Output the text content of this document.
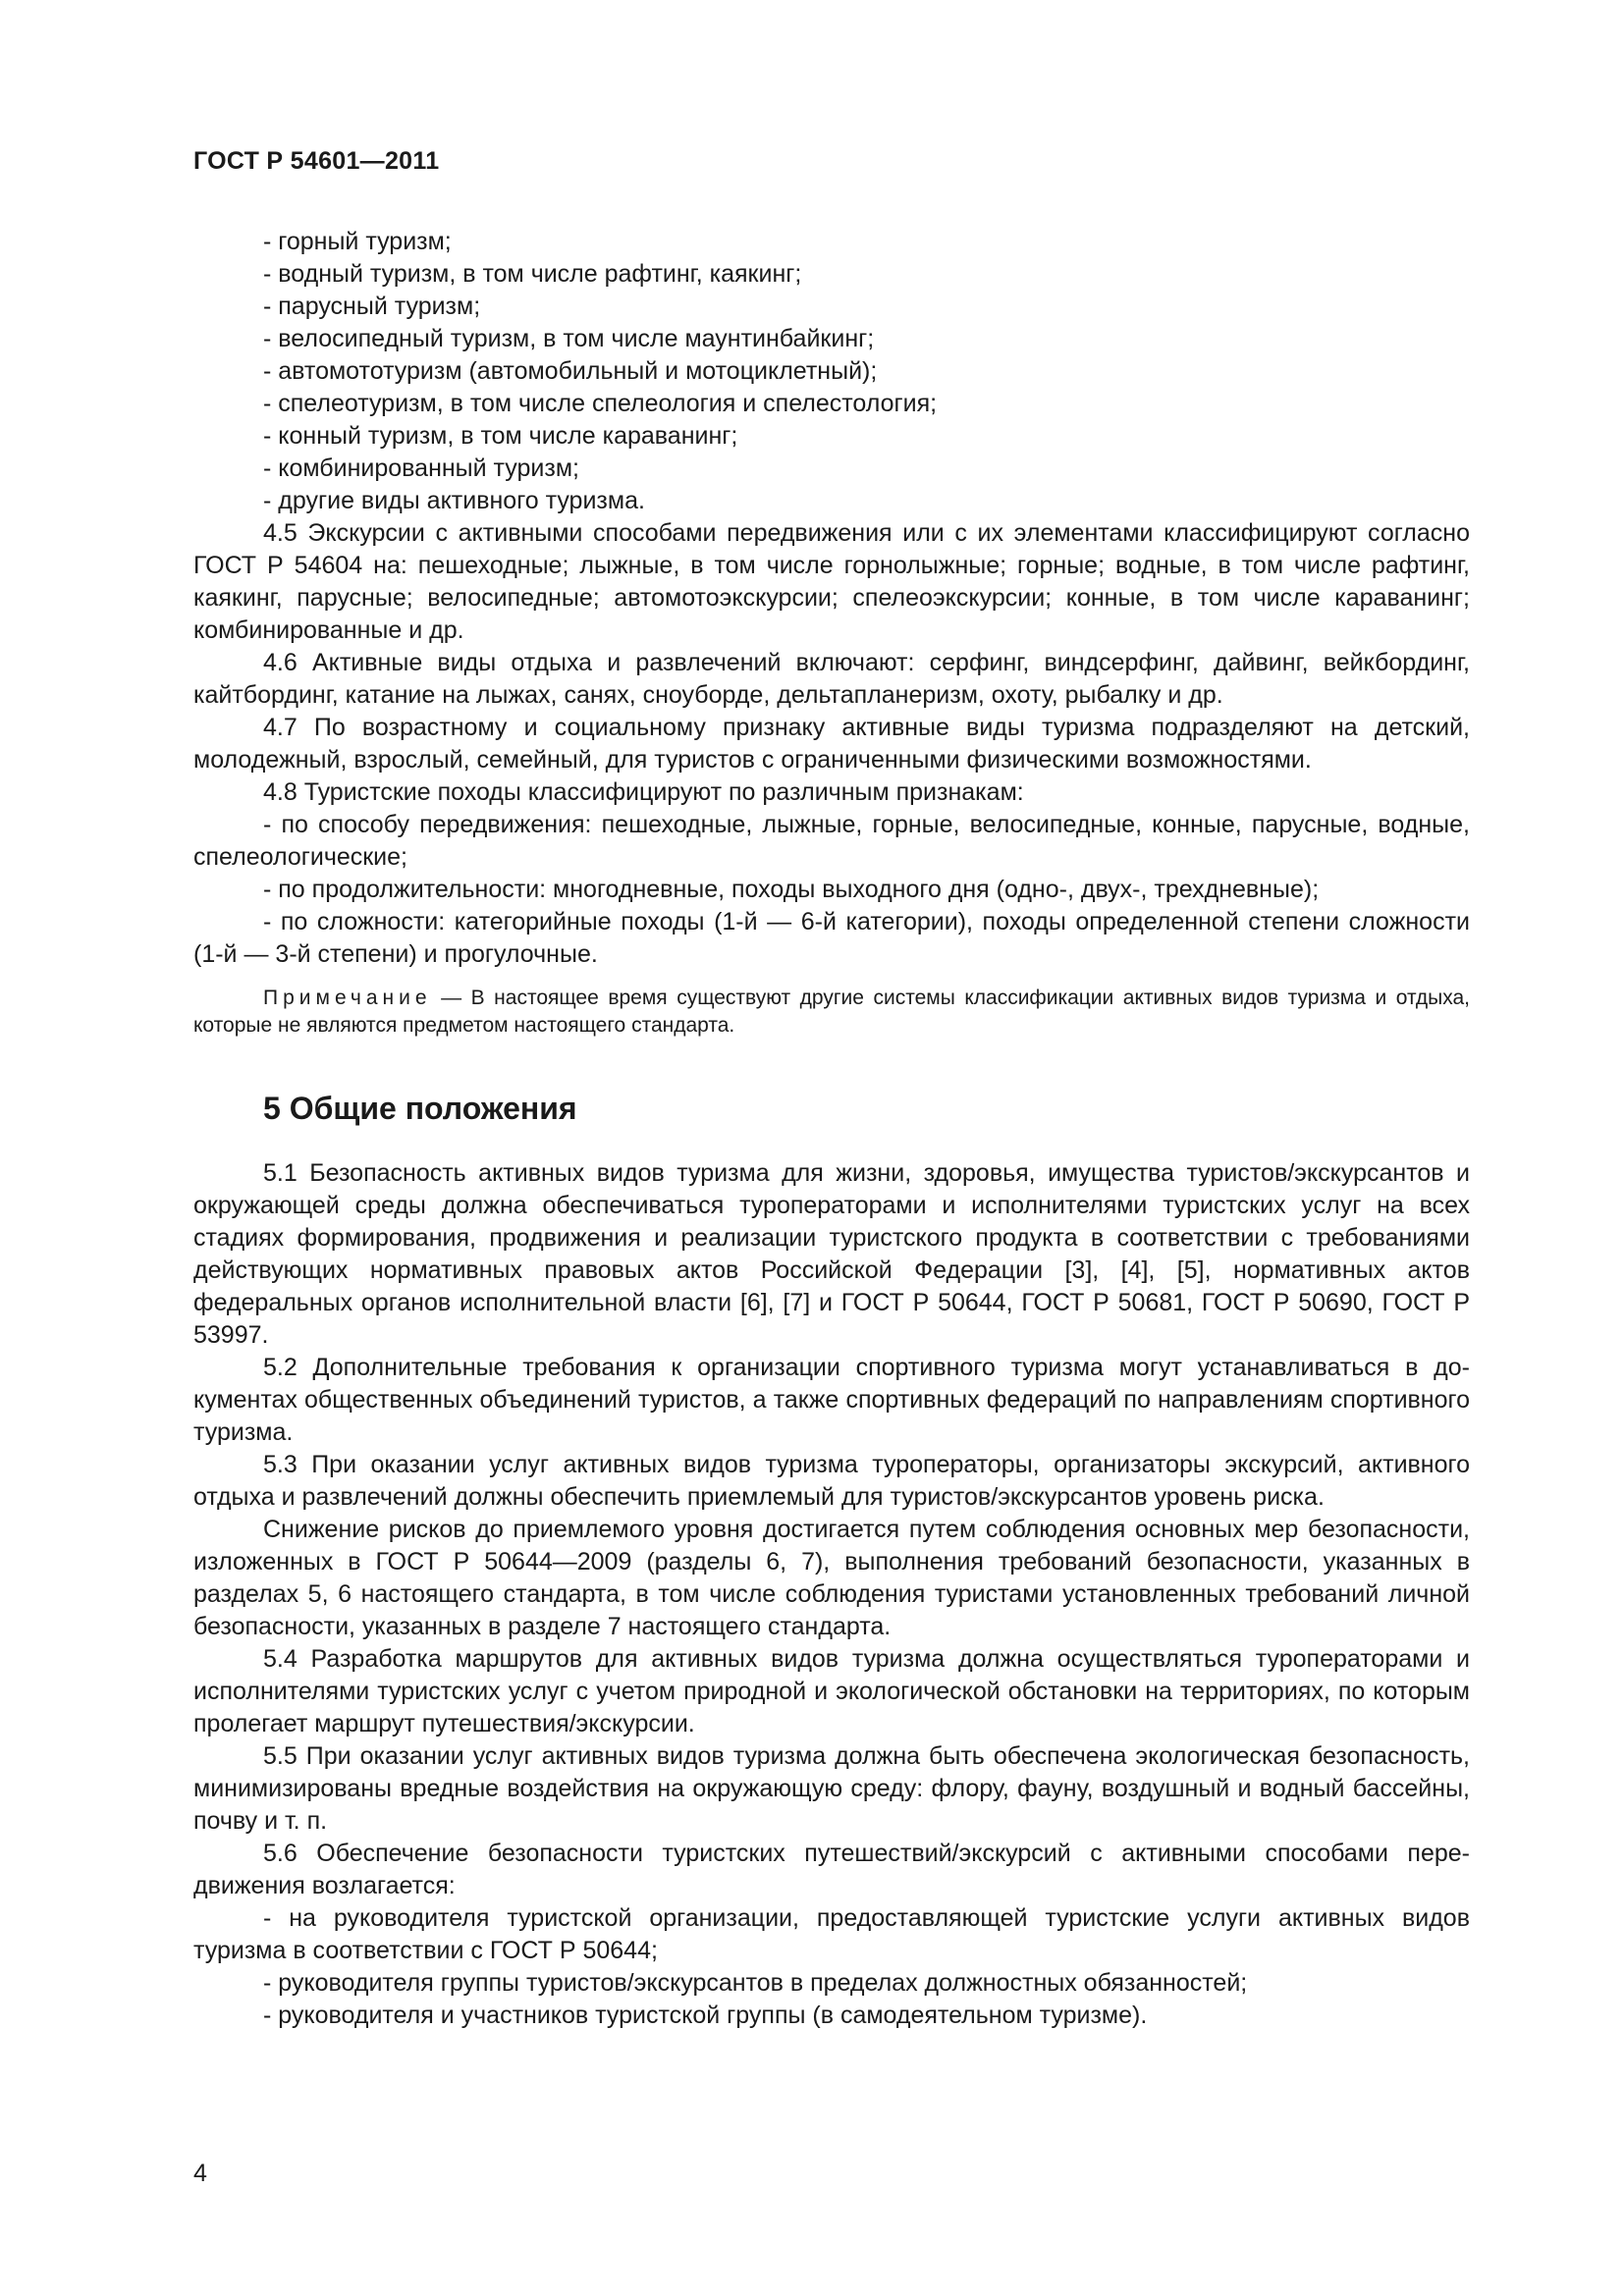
ГОСТ Р 54601—2011
- горный туризм;
- водный туризм, в том числе рафтинг, каякинг;
- парусный туризм;
- велосипедный туризм, в том числе маунтинбайкинг;
- автомототуризм (автомобильный и мотоциклетный);
- спелеотуризм, в том числе спелеология и спелестология;
- конный туризм, в том числе караванинг;
- комбинированный туризм;
- другие виды активного туризма.
4.5 Экскурсии с активными способами передвижения или с их элементами классифицируют согласно ГОСТ Р 54604 на: пешеходные; лыжные, в том числе горнолыжные; горные; водные, в том числе рафтинг, каякинг, парусные; велосипедные; автомотоэкскурсии; спелеоэкскурсии; конные, в том числе караванинг; комбинированные и др.
4.6 Активные виды отдыха и развлечений включают: серфинг, виндсерфинг, дайвинг, вейкбординг, кайтбординг, катание на лыжах, санях, сноуборде, дельтапланеризм, охоту, рыбалку и др.
4.7 По возрастному и социальному признаку активные виды туризма подразделяют на детский, молодежный, взрослый, семейный, для туристов с ограниченными физическими возможностями.
4.8 Туристские походы классифицируют по различным признакам:
- по способу передвижения: пешеходные, лыжные, горные, велосипедные, конные, парусные, водные, спелеологические;
- по продолжительности: многодневные, походы выходного дня (одно-, двух-, трехдневные);
- по сложности: категорийные походы (1-й — 6-й категории), походы определенной степени сложности (1-й — 3-й степени) и прогулочные.
Примечание — В настоящее время существуют другие системы классификации активных видов туризма и отдыха, которые не являются предметом настоящего стандарта.
5 Общие положения
5.1 Безопасность активных видов туризма для жизни, здоровья, имущества туристов/экскурсантов и окружающей среды должна обеспечиваться туроператорами и исполнителями туристских услуг на всех стадиях формирования, продвижения и реализации туристского продукта в соответствии с требованиями действующих нормативных правовых актов Российской Федерации [3], [4], [5], нормативных актов федеральных органов исполнительной власти [6], [7] и ГОСТ Р 50644, ГОСТ Р 50681, ГОСТ Р 50690, ГОСТ Р 53997.
5.2 Дополнительные требования к организации спортивного туризма могут устанавливаться в документах общественных объединений туристов, а также спортивных федераций по направлениям спортивного туризма.
5.3 При оказании услуг активных видов туризма туроператоры, организаторы экскурсий, активного отдыха и развлечений должны обеспечить приемлемый для туристов/экскурсантов уровень риска.
Снижение рисков до приемлемого уровня достигается путем соблюдения основных мер безопасности, изложенных в ГОСТ Р 50644—2009 (разделы 6, 7), выполнения требований безопасности, указанных в разделах 5, 6 настоящего стандарта, в том числе соблюдения туристами установленных требований личной безопасности, указанных в разделе 7 настоящего стандарта.
5.4 Разработка маршрутов для активных видов туризма должна осуществляться туроператорами и исполнителями туристских услуг с учетом природной и экологической обстановки на территориях, по которым пролегает маршрут путешествия/экскурсии.
5.5 При оказании услуг активных видов туризма должна быть обеспечена экологическая безопасность, минимизированы вредные воздействия на окружающую среду: флору, фауну, воздушный и водный бассейны, почву и т. п.
5.6 Обеспечение безопасности туристских путешествий/экскурсий с активными способами передвижения возлагается:
- на руководителя туристской организации, предоставляющей туристские услуги активных видов туризма в соответствии с ГОСТ Р 50644;
- руководителя группы туристов/экскурсантов в пределах должностных обязанностей;
- руководителя и участников туристской группы (в самодеятельном туризме).
4
